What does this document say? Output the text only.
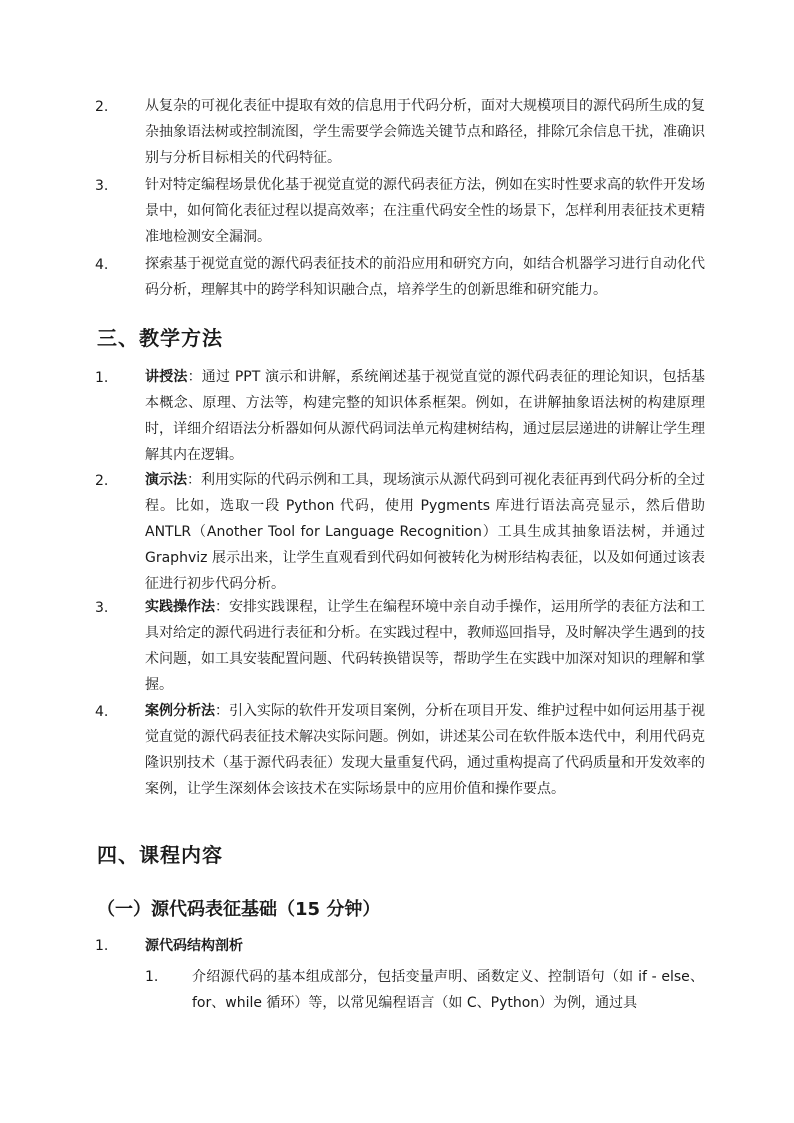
2.	从复杂的可视化表征中提取有效的信息用于代码分析，面对大规模项目的源代码所生成的复杂抽象语法树或控制流图，学生需要学会筛选关键节点和路径，排除冗余信息干扰，准确识别与分析目标相关的代码特征。
3.	针对特定编程场景优化基于视觉直觉的源代码表征方法，例如在实时性要求高的软件开发场景中，如何简化表征过程以提高效率；在注重代码安全性的场景下，怎样利用表征技术更精准地检测安全漏洞。
4.	探索基于视觉直觉的源代码表征技术的前沿应用和研究方向，如结合机器学习进行自动化代码分析，理解其中的跨学科知识融合点，培养学生的创新思维和研究能力。
三、教学方法
1.	讲授法：通过 PPT 演示和讲解，系统阐述基于视觉直觉的源代码表征的理论知识，包括基本概念、原理、方法等，构建完整的知识体系框架。例如，在讲解抽象语法树的构建原理时，详细介绍语法分析器如何从源代码词法单元构建树结构，通过层层递进的讲解让学生理解其内在逻辑。
2.	演示法：利用实际的代码示例和工具，现场演示从源代码到可视化表征再到代码分析的全过程。比如，选取一段 Python 代码，使用 Pygments 库进行语法高亮显示，然后借助 ANTLR（Another Tool for Language Recognition）工具生成其抽象语法树，并通过 Graphviz 展示出来，让学生直观看到代码如何被转化为树形结构表征，以及如何通过该表征进行初步代码分析。
3.	实践操作法：安排实践课程，让学生在编程环境中亲自动手操作，运用所学的表征方法和工具对给定的源代码进行表征和分析。在实践过程中，教师巡回指导，及时解决学生遇到的技术问题，如工具安装配置问题、代码转换错误等，帮助学生在实践中加深对知识的理解和掌握。
4.	案例分析法：引入实际的软件开发项目案例，分析在项目开发、维护过程中如何运用基于视觉直觉的源代码表征技术解决实际问题。例如，讲述某公司在软件版本迭代中，利用代码克隆识别技术（基于源代码表征）发现大量重复代码，通过重构提高了代码质量和开发效率的案例，让学生深刻体会该技术在实际场景中的应用价值和操作要点。
四、课程内容
（一）源代码表征基础（15 分钟）
1.	源代码结构剖析
1. 介绍源代码的基本组成部分，包括变量声明、函数定义、控制语句（如 if - else、for、while 循环）等，以常见编程语言（如 C、Python）为例，通过具
